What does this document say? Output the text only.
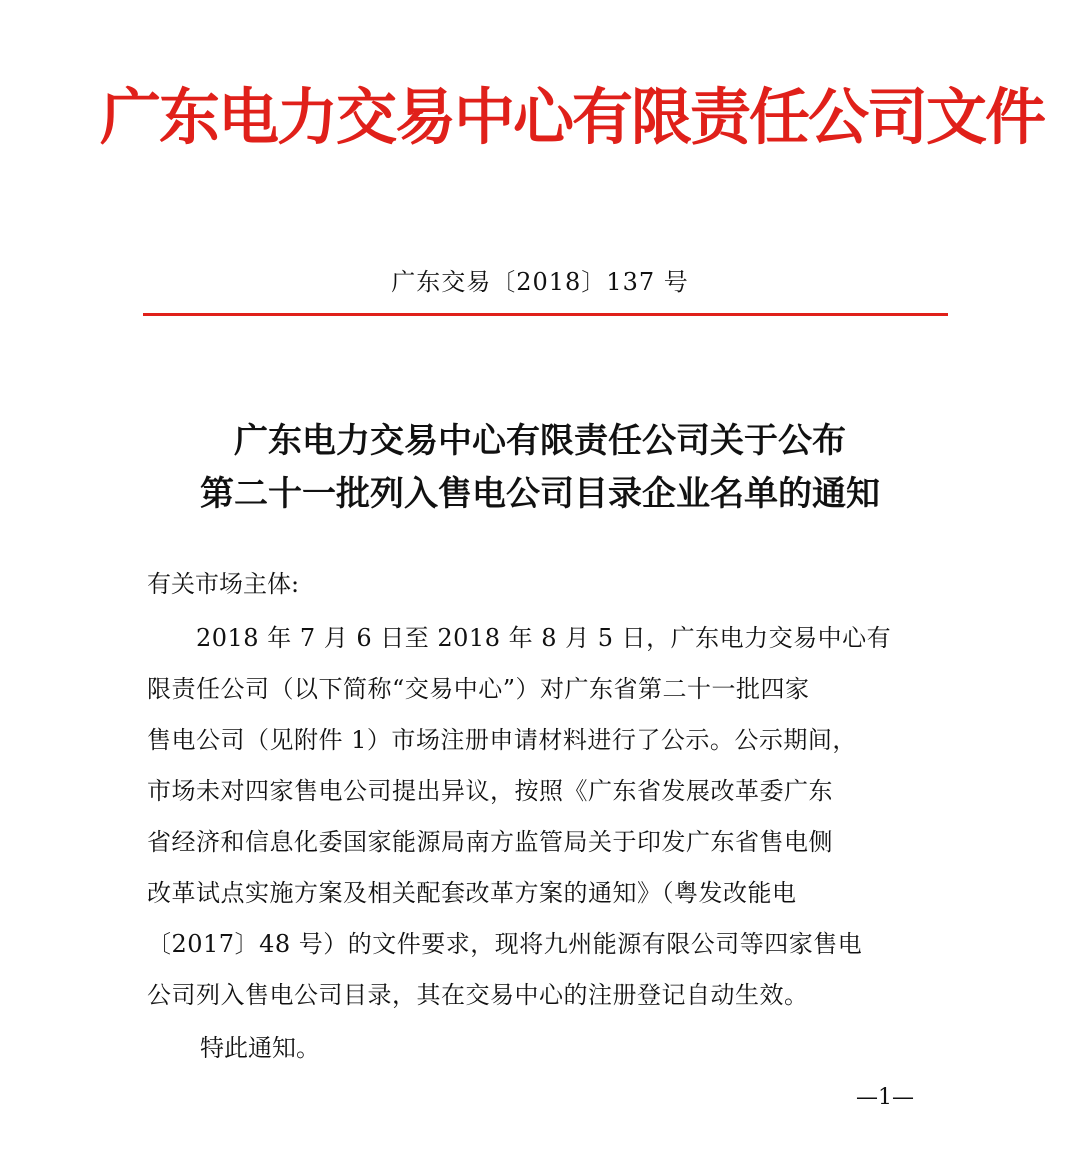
广东电力交易中心有限责任公司文件
广东交易〔2018〕137 号
广东电力交易中心有限责任公司关于公布
第二十一批列入售电公司目录企业名单的通知
有关市场主体:
　　2018 年 7 月 6 日至 2018 年 8 月 5 日，广东电力交易中心有
限责任公司（以下简称“交易中心”）对广东省第二十一批四家
售电公司（见附件 1）市场注册申请材料进行了公示。公示期间，
市场未对四家售电公司提出异议，按照《广东省发展改革委广东
省经济和信息化委国家能源局南方监管局关于印发广东省售电侧
改革试点实施方案及相关配套改革方案的通知》（粤发改能电
〔2017〕48 号）的文件要求，现将九州能源有限公司等四家售电
公司列入售电公司目录，其在交易中心的注册登记自动生效。
特此通知。
—1—
